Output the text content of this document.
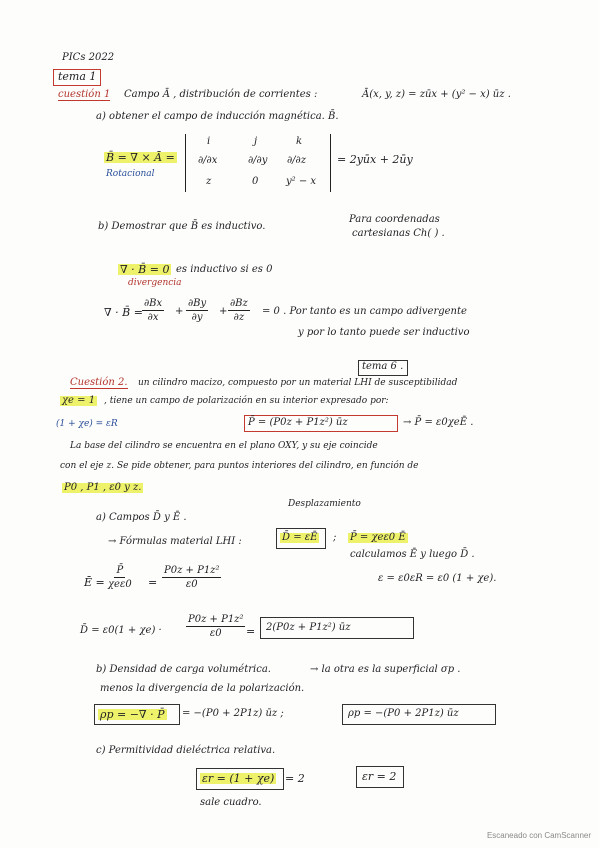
PICs 2022
tema 1
cuestión 1 Campo Ā , distribución de corrientes :	Ā(x, y, z) = zūx + (y² − x) ūz .
a) obtener el campo de inducción magnética. B̄.
B̄ = ∇ × Ā =
Rotacional
i	j	k
∂/∂x	∂/∂y ∂/∂z
z	0	y² − x
= 2yūx + 2ūy
b) Demostrar que B̄ es inductivo.
Para coordenadas
cartesianas Ch( ) .
∇ · B̄ = 0 es inductivo si es 0
divergencia
∇ · B̄ = $\frac{\partial Bx}{\partial x} + \frac{\partial By}{\partial y} + \frac{\partial Bz}{\partial z} = 0$ . Por tanto es un campo adivergente
y por lo tanto puede ser inductivo
tema 6 .
Cuestión 2. un cilindro macizo, compuesto por un material LHI de susceptibilidad
χe = 1 , tiene un campo de polarización en su interior expresado por:
(1 + χe) = εR	P̄ = (P0z + P1z²) ūz	→ P̄ = ε0χeĒ .
La base del cilindro se encuentra en el plano OXY, y su eje coincide
con el eje z. Se pide obtener, para puntos interiores del cilindro, en función de
P0 , P1 , ε0 y z.
a) Campos D̄ y Ē .
Desplazamiento
→ Fórmulas material LHI :	D̄ = εĒ ; P̄ = χeε0 Ē
calculamos Ē y luego D̄ .
Ē =
P̄
$\chi e\varepsilon 0 = \frac{\text{P0z + P1z²}}{\varepsilon 0}$	ε = ε0εR = ε0 (1 + χe).
D̄ = $\varepsilon 0(1 + \chi e) \cdot \frac{\text{P0z + P1z²}}{\varepsilon 0} = 2(P0z + P1z^2)$ ūz
b) Densidad de carga volumétrica.	→ la otra es la superficial σp .
menos la divergencia de la polarización.
ρp = −∇ · P̄ = −(P0 + 2P1z) ūz ;	ρp = −(P0 + 2P1z) ūz
c) Permitividad dieléctrica relativa.
εr = (1 + χe) = 2	εr = 2
sale cuadro.
Escaneado con CamScanner
